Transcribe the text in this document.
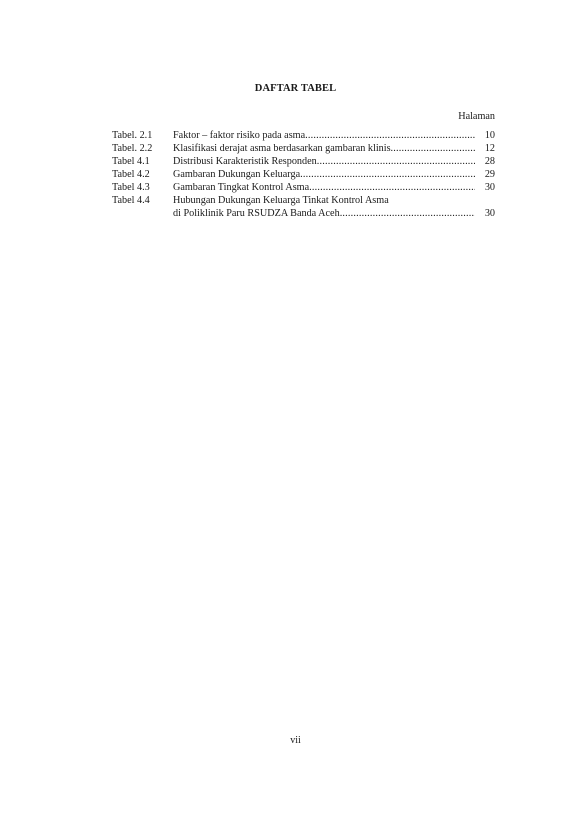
DAFTAR TABEL
Halaman
Tabel. 2.1	Faktor – faktor risiko pada asma .....	10
Tabel. 2.2	Klasifikasi derajat asma berdasarkan gambaran klinis .....	12
Tabel 4.1	Distribusi Karakteristik Responden .....	28
Tabel 4.2	Gambaran Dukungan Keluarga .....	29
Tabel 4.3	Gambaran Tingkat Kontrol Asma .....	30
Tabel 4.4	Hubungan Dukungan Keluarga Tinkat Kontrol Asma
di Poliklinik Paru RSUDZA Banda Aceh .....	30
vii
